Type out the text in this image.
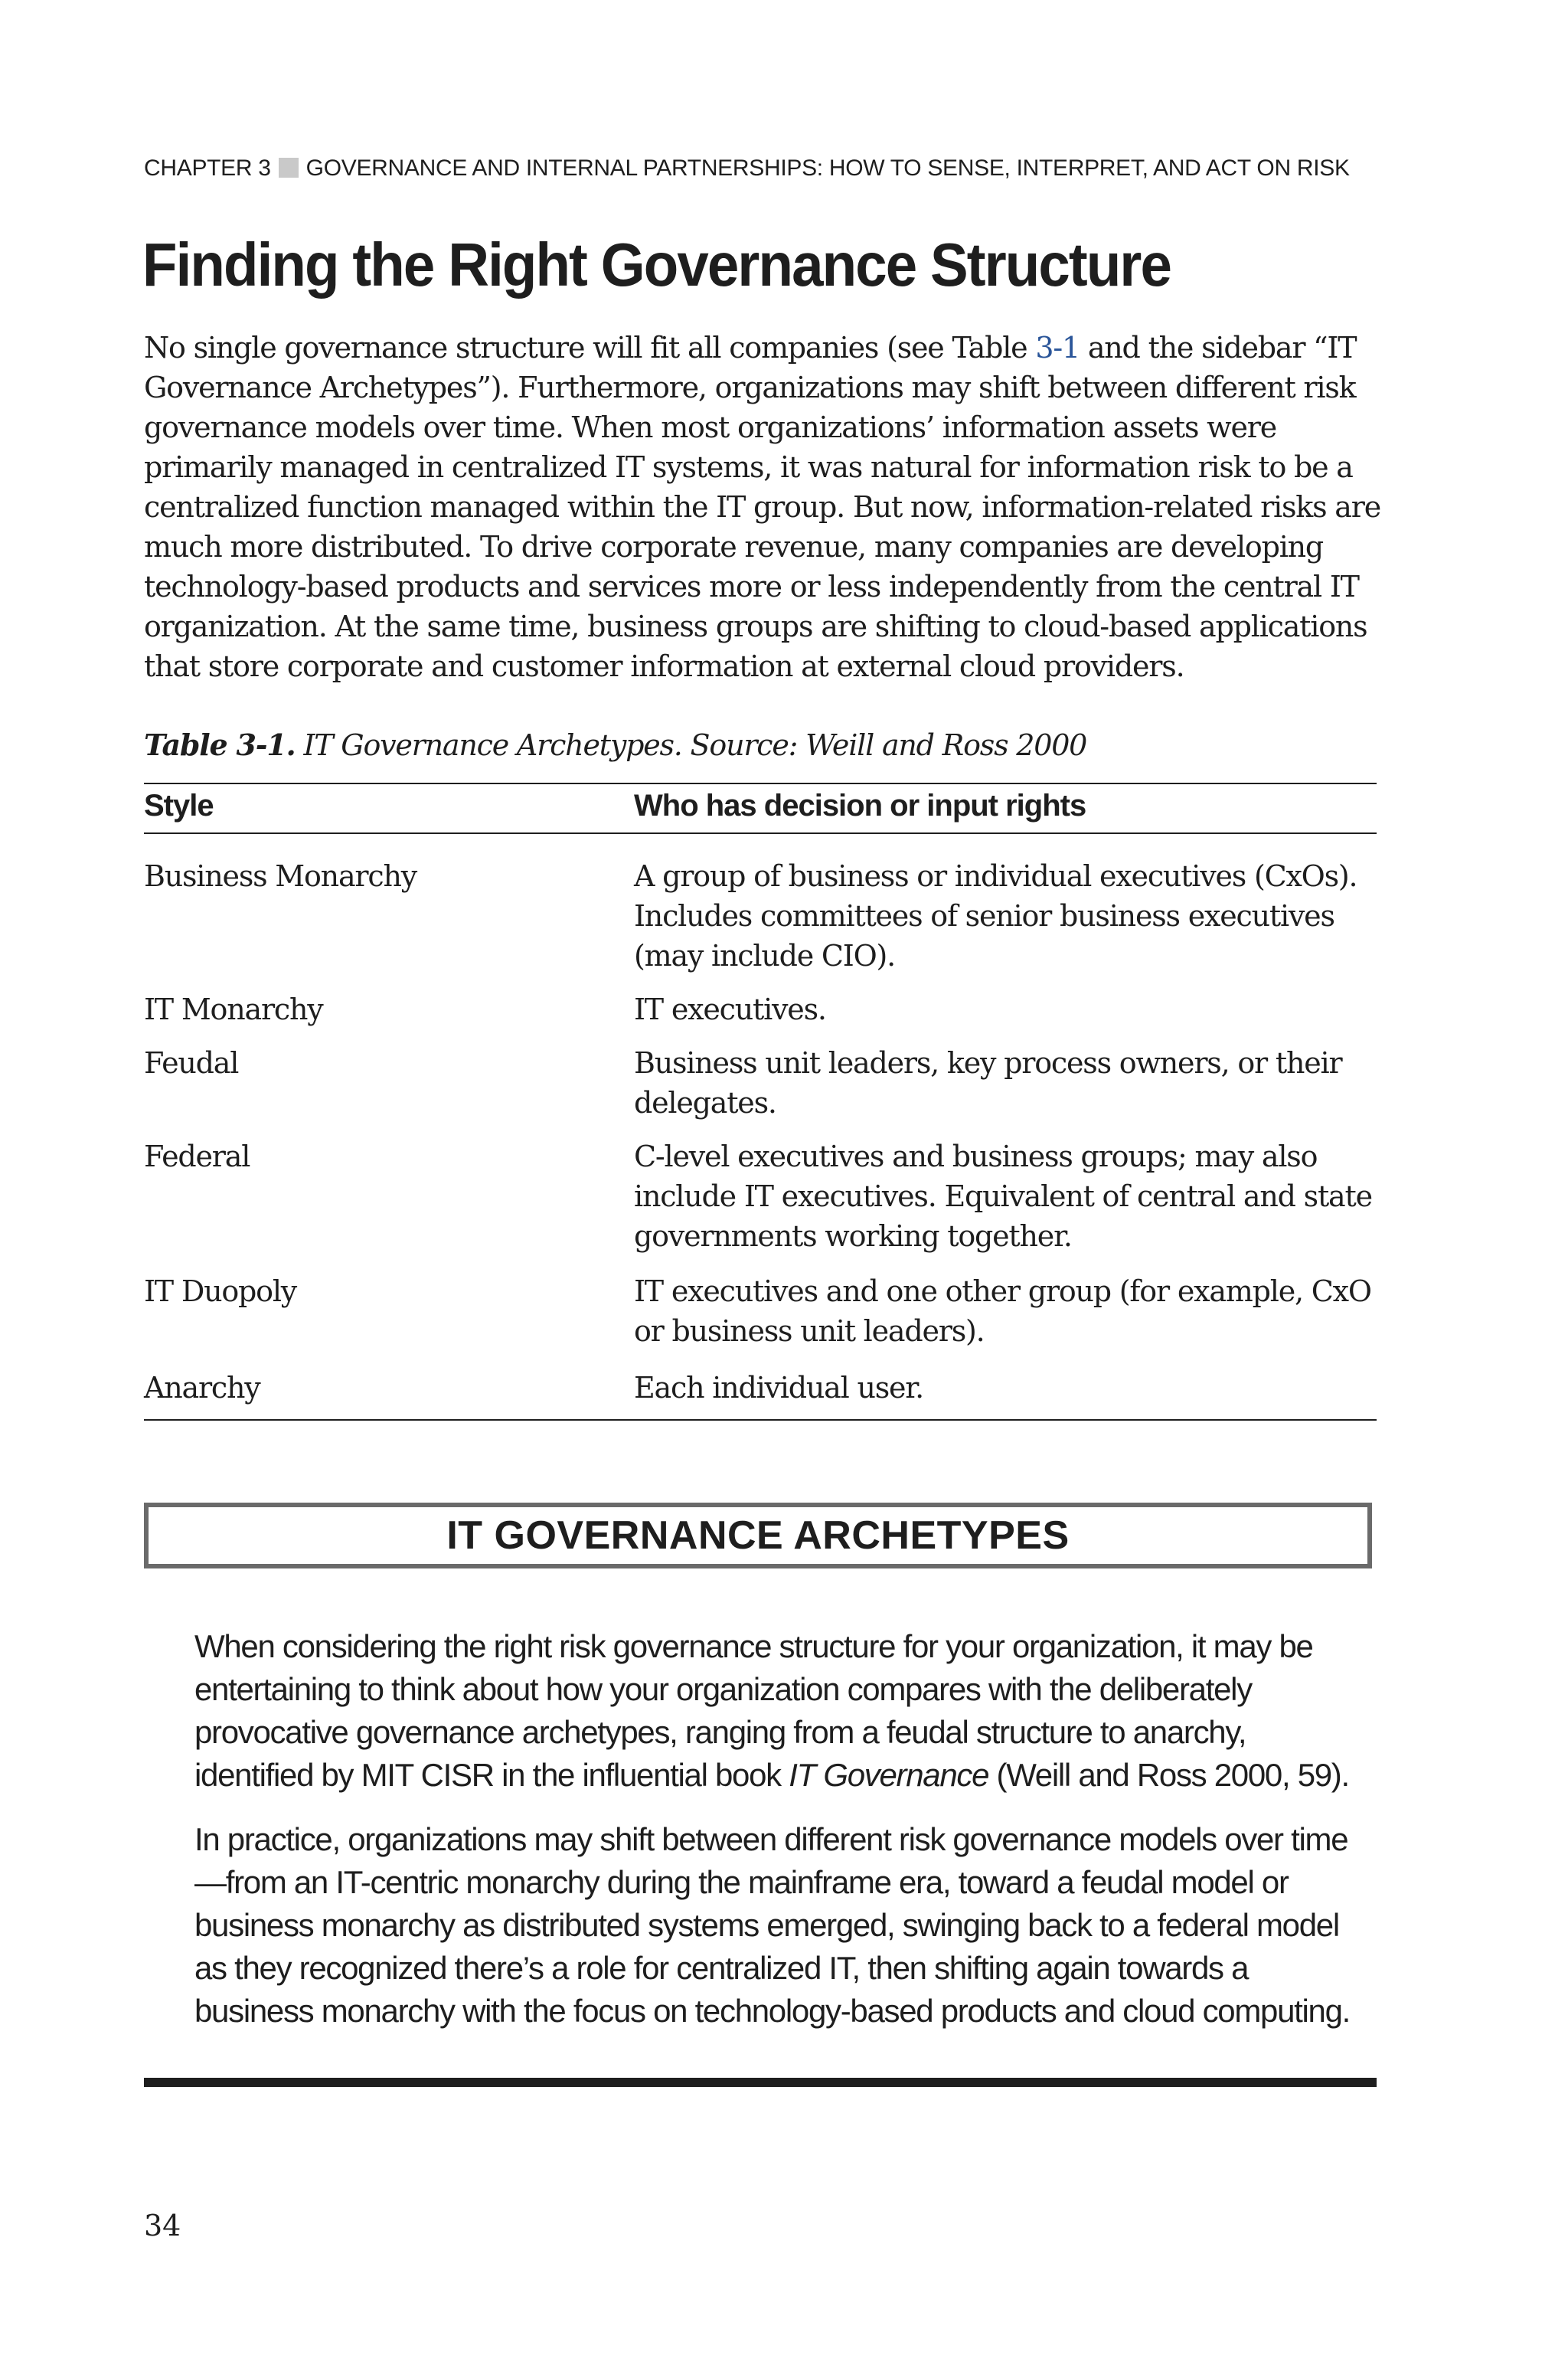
CHAPTER 3 GOVERNANCE AND INTERNAL PARTNERSHIPS: HOW TO SENSE, INTERPRET, AND ACT ON RISK
Finding the Right Governance Structure

No single governance structure will fit all companies (see Table 3-1 and the sidebar “IT Governance Archetypes”). Furthermore, organizations may shift between different risk governance models over time. When most organizations’ information assets were primarily managed in centralized IT systems, it was natural for information risk to be a centralized function managed within the IT group. But now, information-related risks are much more distributed. To drive corporate revenue, many companies are developing technology-based products and services more or less independently from the central IT organization. At the same time, business groups are shifting to cloud-based applications that store corporate and customer information at external cloud providers.

Table 3-1. IT Governance Archetypes. Source: Weill and Ross 2000

Style	Who has decision or input rights
Business Monarchy	A group of business or individual executives (CxOs). Includes committees of senior business executives (may include CIO).
IT Monarchy	IT executives.
Feudal	Business unit leaders, key process owners, or their delegates.
Federal	C-level executives and business groups; may also include IT executives. Equivalent of central and state governments working together.
IT Duopoly	IT executives and one other group (for example, CxO or business unit leaders).
Anarchy	Each individual user.
IT GOVERNANCE ARCHETYPES

When considering the right risk governance structure for your organization, it may be entertaining to think about how your organization compares with the deliberately provocative governance archetypes, ranging from a feudal structure to anarchy, identified by MIT CISR in the influential book IT Governance (Weill and Ross 2000, 59).

In practice, organizations may shift between different risk governance models over time—from an IT-centric monarchy during the mainframe era, toward a feudal model or business monarchy as distributed systems emerged, swinging back to a federal model as they recognized there’s a role for centralized IT, then shifting again towards a business monarchy with the focus on technology-based products and cloud computing.

34
